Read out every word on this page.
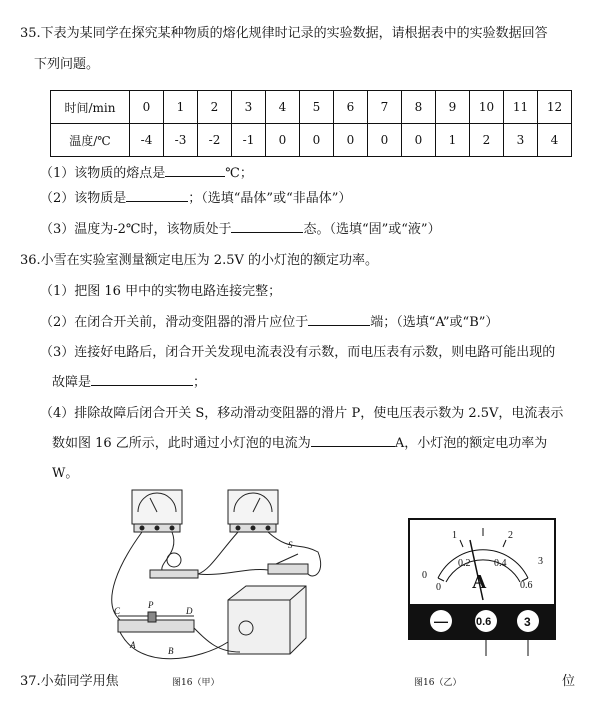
35.下表为某同学在探究某种物质的熔化规律时记录的实验数据，请根据表中的实验数据回答
下列问题。
时间/min	0	1	2	3	4	5	6	7	8	9	10	11	12
温度/℃	-4	-3	-2	-1	0	0	0	0	0	1	2	3	4
（1）该物质的熔点是	℃；
（2）该物质是	；（选填“晶体”或“非晶体”）
（3）温度为-2℃时，该物质处于	态。（选填“固”或“液”）
36.小雪在实验室测量额定电压为 2.5V 的小灯泡的额定功率。
（1）把图 16 甲中的实物电路连接完整；
（2）在闭合开关前，滑动变阻器的滑片应位于	端；（选填“A”或“B”）
（3）连接好电路后，闭合开关发现电流表没有示数，而电压表有示数，则电路可能出现的
故障是	；
（4）排除故障后闭合开关 S，移动滑动变阻器的滑片 P，使电压表示数为 2.5V，电流表示
数如图 16 乙所示，此时通过小灯泡的电流为	A，小灯泡的额定电功率为
W。
C
P
D
A
B
S
0
1	2
3
0
0.2 0.4
0.6
A
—	0.6	3
37.小茹同学用焦	图16（甲）	图16（乙）	位
